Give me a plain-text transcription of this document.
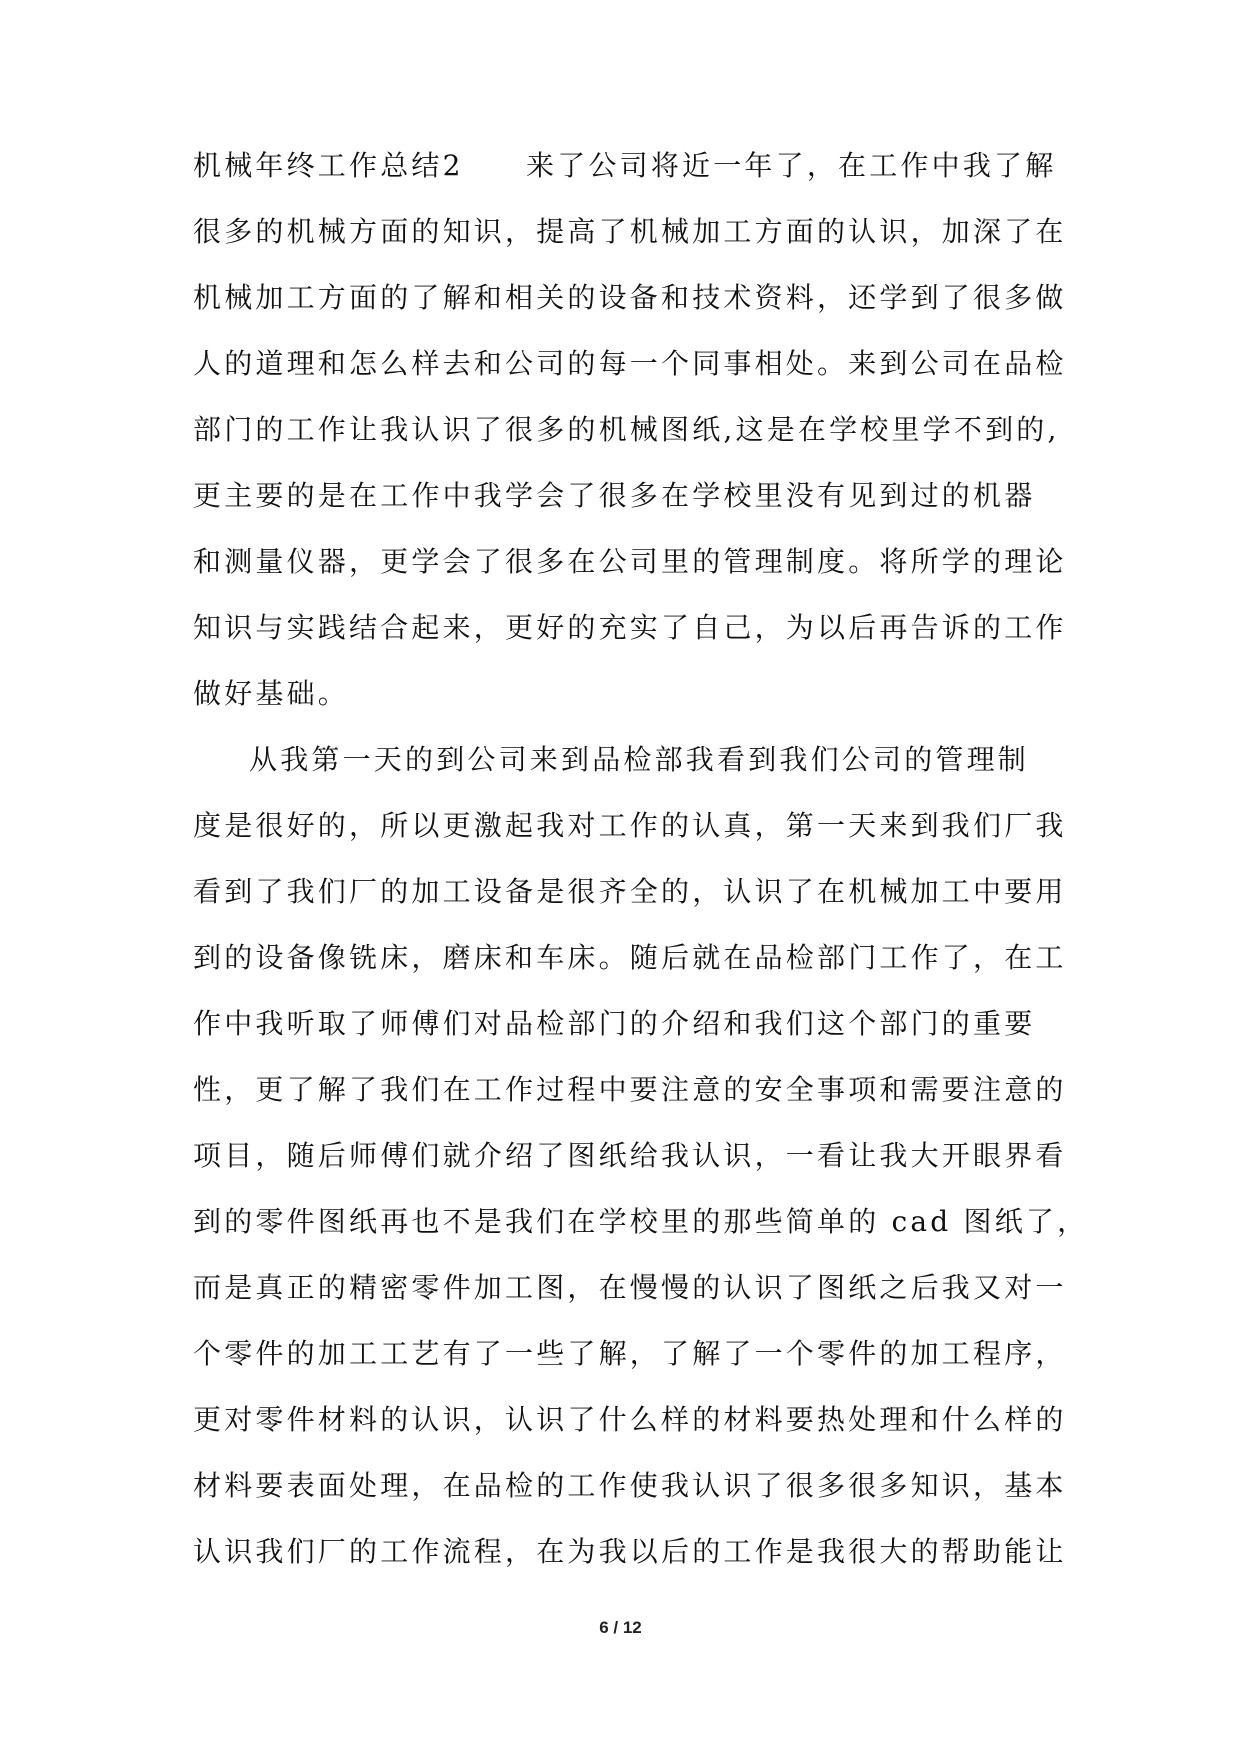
机械年终工作总结2　　来了公司将近一年了，在工作中我了解
很多的机械方面的知识，提高了机械加工方面的认识，加深了在
机械加工方面的了解和相关的设备和技术资料，还学到了很多做
人的道理和怎么样去和公司的每一个同事相处。来到公司在品检
部门的工作让我认识了很多的机械图纸,这是在学校里学不到的,
更主要的是在工作中我学会了很多在学校里没有见到过的机器
和测量仪器，更学会了很多在公司里的管理制度。将所学的理论
知识与实践结合起来，更好的充实了自己，为以后再告诉的工作
做好基础。
从我第一天的到公司来到品检部我看到我们公司的管理制
度是很好的，所以更激起我对工作的认真，第一天来到我们厂我
看到了我们厂的加工设备是很齐全的，认识了在机械加工中要用
到的设备像铣床，磨床和车床。随后就在品检部门工作了，在工
作中我听取了师傅们对品检部门的介绍和我们这个部门的重要
性，更了解了我们在工作过程中要注意的安全事项和需要注意的
项目，随后师傅们就介绍了图纸给我认识，一看让我大开眼界看
到的零件图纸再也不是我们在学校里的那些简单的 cad 图纸了，
而是真正的精密零件加工图，在慢慢的认识了图纸之后我又对一
个零件的加工工艺有了一些了解，了解了一个零件的加工程序，
更对零件材料的认识，认识了什么样的材料要热处理和什么样的
材料要表面处理，在品检的工作使我认识了很多很多知识，基本
认识我们厂的工作流程，在为我以后的工作是我很大的帮助能让
6 / 12
